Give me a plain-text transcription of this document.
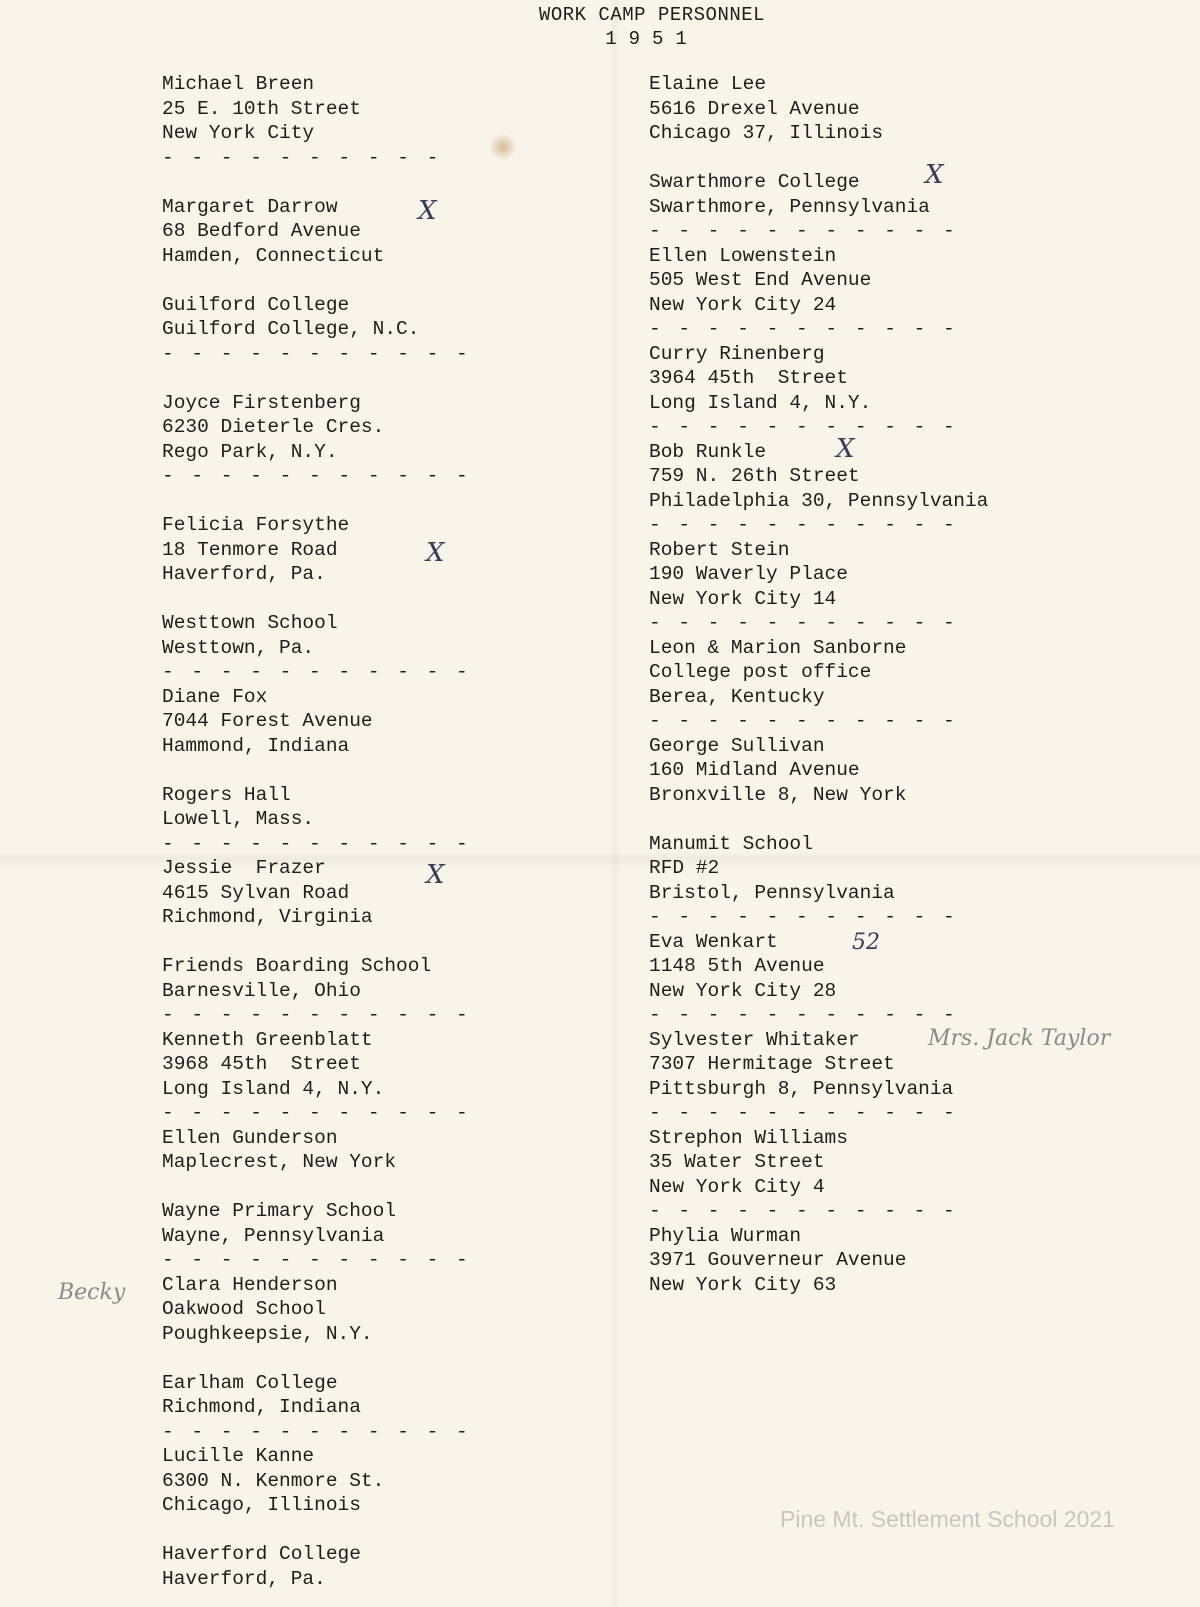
WORK CAMP PERSONNEL
1951
Michael Breen
25 E. 10th Street
New York City
- - - - - - - - - -
Margaret Darrow
68 Bedford Avenue
Hamden, Connecticut
Guilford College
Guilford College, N.C.
- - - - - - - - - - -
Joyce Firstenberg
6230 Dieterle Cres.
Rego Park, N.Y.
- - - - - - - - - - -
Felicia Forsythe
18 Tenmore Road
Haverford, Pa.
Westtown School
Westtown, Pa.
- - - - - - - - - - -
Diane Fox
7044 Forest Avenue
Hammond, Indiana
Rogers Hall
Lowell, Mass.
- - - - - - - - - - -
Jessie  Frazer
4615 Sylvan Road
Richmond, Virginia
Friends Boarding School
Barnesville, Ohio
- - - - - - - - - - -
Kenneth Greenblatt
3968 45th  Street
Long Island 4, N.Y.
- - - - - - - - - - -
Ellen Gunderson
Maplecrest, New York
Wayne Primary School
Wayne, Pennsylvania
- - - - - - - - - - -
Clara Henderson
Oakwood School
Poughkeepsie, N.Y.
Earlham College
Richmond, Indiana
- - - - - - - - - - -
Lucille Kanne
6300 N. Kenmore St.
Chicago, Illinois
Haverford College
Haverford, Pa.
Elaine Lee
5616 Drexel Avenue
Chicago 37, Illinois
Swarthmore College
Swarthmore, Pennsylvania
- - - - - - - - - - -
Ellen Lowenstein
505 West End Avenue
New York City 24
- - - - - - - - - - -
Curry Rinenberg
3964 45th  Street
Long Island 4, N.Y.
- - - - - - - - - - -
Bob Runkle
759 N. 26th Street
Philadelphia 30, Pennsylvania
- - - - - - - - - - -
Robert Stein
190 Waverly Place
New York City 14
- - - - - - - - - - -
Leon & Marion Sanborne
College post office
Berea, Kentucky
- - - - - - - - - - -
George Sullivan
160 Midland Avenue
Bronxville 8, New York
Manumit School
RFD #2
Bristol, Pennsylvania
- - - - - - - - - - -
Eva Wenkart
1148 5th Avenue
New York City 28
- - - - - - - - - - -
Sylvester Whitaker
7307 Hermitage Street
Pittsburgh 8, Pennsylvania
- - - - - - - - - - -
Strephon Williams
35 Water Street
New York City 4
- - - - - - - - - - -
Phylia Wurman
3971 Gouverneur Avenue
New York City 63
X
X
X
X
X
52
Mrs. Jack Taylor
Becky
Pine Mt. Settlement School 2021
